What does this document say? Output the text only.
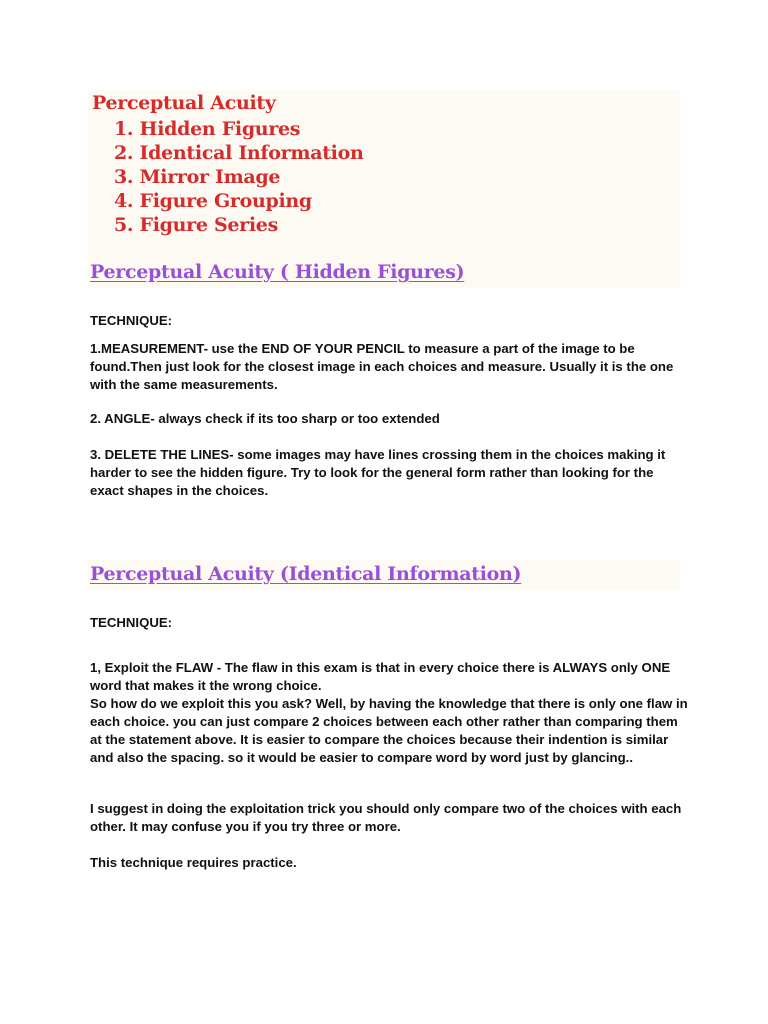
Perceptual Acuity
1. Hidden Figures
2. Identical Information
3. Mirror Image
4. Figure Grouping
5. Figure Series
Perceptual Acuity ( Hidden Figures)

TECHNIQUE:

1.MEASUREMENT- use the END OF YOUR PENCIL to measure a part of the image to be found.Then just look for the closest image in each choices and measure. Usually it is the one with the same measurements.

2. ANGLE- always check if its too sharp or too extended

3. DELETE THE LINES- some images may have lines crossing them in the choices making it harder to see the hidden figure. Try to look for the general form rather than looking for the exact shapes in the choices.

Perceptual Acuity (Identical Information)

TECHNIQUE:

1, Exploit the FLAW - The flaw in this exam is that in every choice there is ALWAYS only ONE word that makes it the wrong choice.

So how do we exploit this you ask? Well, by having the knowledge that there is only one flaw in each choice. you can just compare 2 choices between each other rather than comparing them at the statement above. It is easier to compare the choices because their indention is similar and also the spacing. so it would be easier to compare word by word just by glancing..

I suggest in doing the exploitation trick you should only compare two of the choices with each other. It may confuse you if you try three or more.

This technique requires practice.
